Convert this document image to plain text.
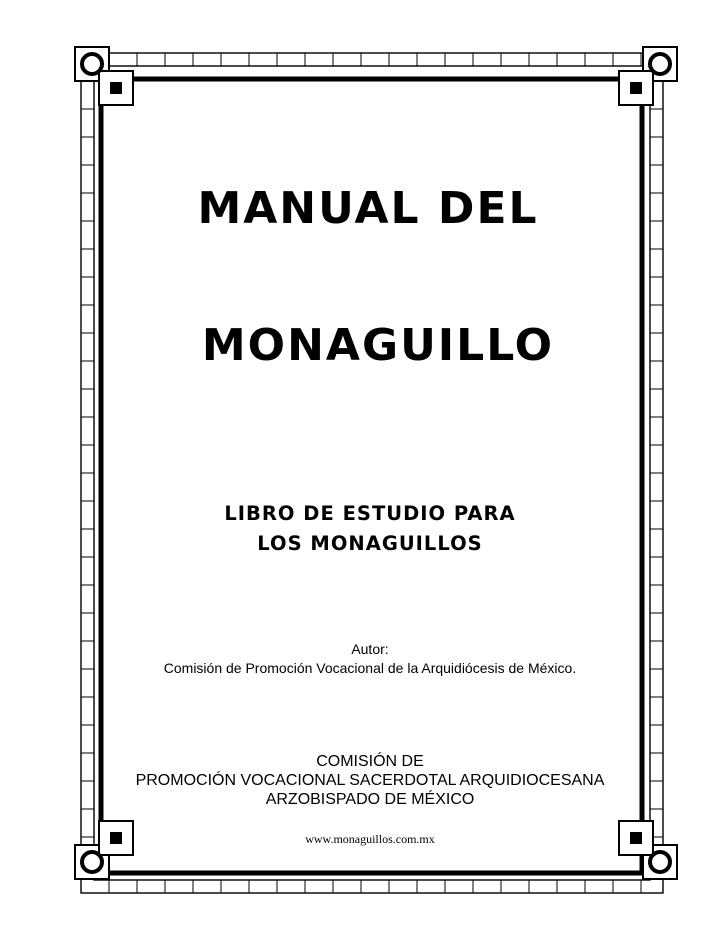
MANUAL DEL
MONAGUILLO

LIBRO DE ESTUDIO PARA

LOS MONAGUILLOS

Autor:

Comisión de Promoción Vocacional de la Arquidiócesis de México.

COMISIÓN DE

PROMOCIÓN VOCACIONAL SACERDOTAL ARQUIDIOCESANA

ARZOBISPADO DE MÉXICO

www.monaguillos.com.mx
